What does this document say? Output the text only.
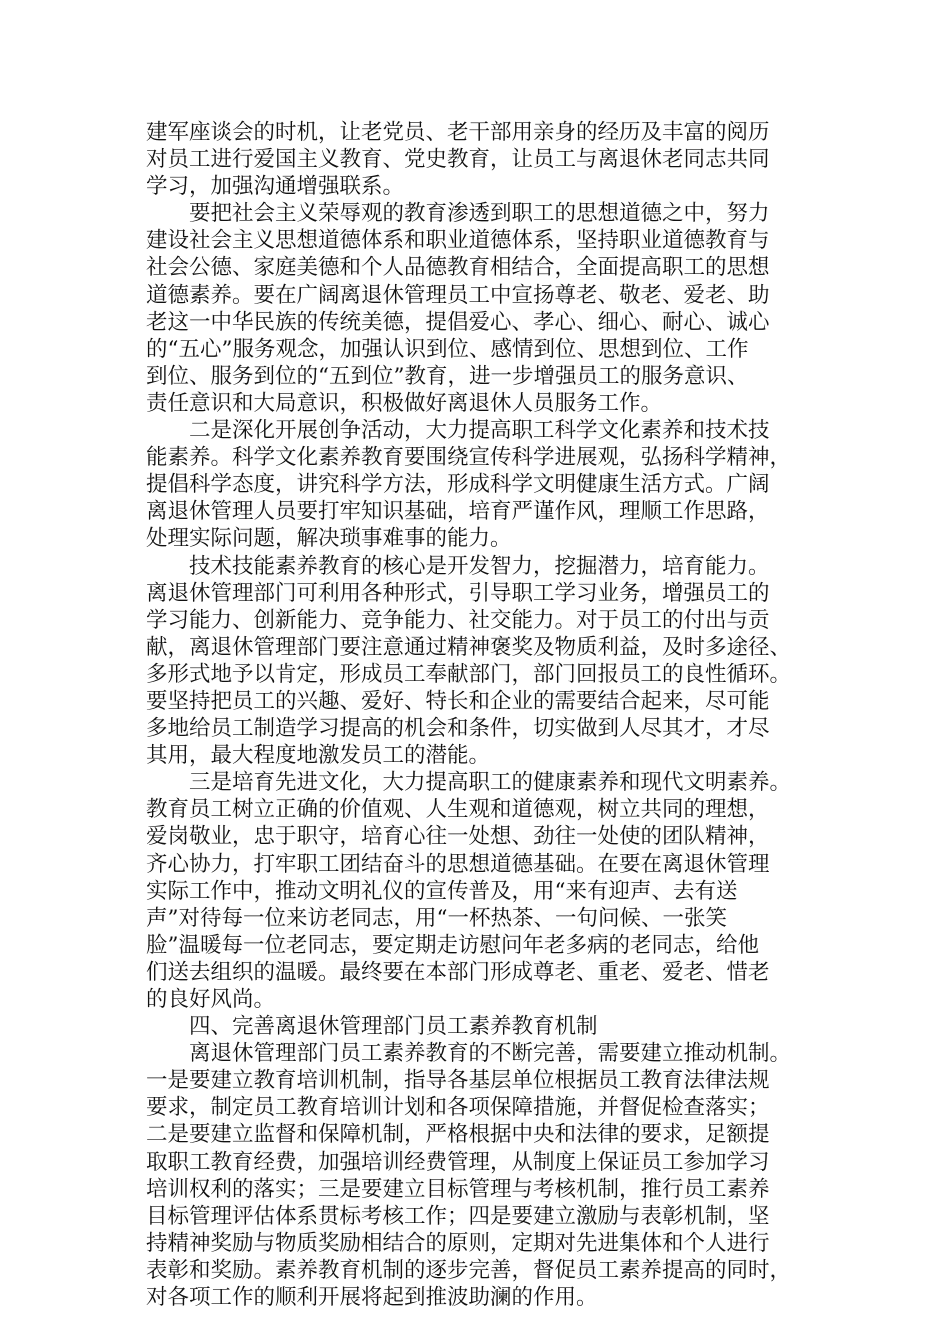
建军座谈会的时机，让老党员、老干部用亲身的经历及丰富的阅历
对员工进行爱国主义教育、党史教育，让员工与离退休老同志共同
学习，加强沟通增强联系。
要把社会主义荣辱观的教育渗透到职工的思想道德之中，努力
建设社会主义思想道德体系和职业道德体系，坚持职业道德教育与
社会公德、家庭美德和个人品德教育相结合，全面提高职工的思想
道德素养。要在广阔离退休管理员工中宣扬尊老、敬老、爱老、助
老这一中华民族的传统美德，提倡爱心、孝心、细心、耐心、诚心
的“五心”服务观念，加强认识到位、感情到位、思想到位、工作
到位、服务到位的“五到位”教育，进一步增强员工的服务意识、
责任意识和大局意识，积极做好离退休人员服务工作。
二是深化开展创争活动，大力提高职工科学文化素养和技术技
能素养。科学文化素养教育要围绕宣传科学进展观，弘扬科学精神，
提倡科学态度，讲究科学方法，形成科学文明健康生活方式。广阔
离退休管理人员要打牢知识基础，培育严谨作风，理顺工作思路，
处理实际问题，解决琐事难事的能力。
技术技能素养教育的核心是开发智力，挖掘潜力，培育能力。
离退休管理部门可利用各种形式，引导职工学习业务，增强员工的
学习能力、创新能力、竞争能力、社交能力。对于员工的付出与贡
献，离退休管理部门要注意通过精神褒奖及物质利益，及时多途径、
多形式地予以肯定，形成员工奉献部门，部门回报员工的良性循环。
要坚持把员工的兴趣、爱好、特长和企业的需要结合起来，尽可能
多地给员工制造学习提高的机会和条件，切实做到人尽其才，才尽
其用，最大程度地激发员工的潜能。
三是培育先进文化，大力提高职工的健康素养和现代文明素养。
教育员工树立正确的价值观、人生观和道德观，树立共同的理想，
爱岗敬业，忠于职守，培育心往一处想、劲往一处使的团队精神，
齐心协力，打牢职工团结奋斗的思想道德基础。在要在离退休管理
实际工作中，推动文明礼仪的宣传普及，用“来有迎声、去有送
声”对待每一位来访老同志，用“一杯热茶、一句问候、一张笑
脸”温暖每一位老同志，要定期走访慰问年老多病的老同志，给他
们送去组织的温暖。最终要在本部门形成尊老、重老、爱老、惜老
的良好风尚。
四、完善离退休管理部门员工素养教育机制
离退休管理部门员工素养教育的不断完善，需要建立推动机制。
一是要建立教育培训机制，指导各基层单位根据员工教育法律法规
要求，制定员工教育培训计划和各项保障措施，并督促检查落实；
二是要建立监督和保障机制，严格根据中央和法律的要求，足额提
取职工教育经费，加强培训经费管理，从制度上保证员工参加学习
培训权利的落实；三是要建立目标管理与考核机制，推行员工素养
目标管理评估体系贯标考核工作；四是要建立激励与表彰机制，坚
持精神奖励与物质奖励相结合的原则，定期对先进集体和个人进行
表彰和奖励。素养教育机制的逐步完善，督促员工素养提高的同时，
对各项工作的顺利开展将起到推波助澜的作用。
